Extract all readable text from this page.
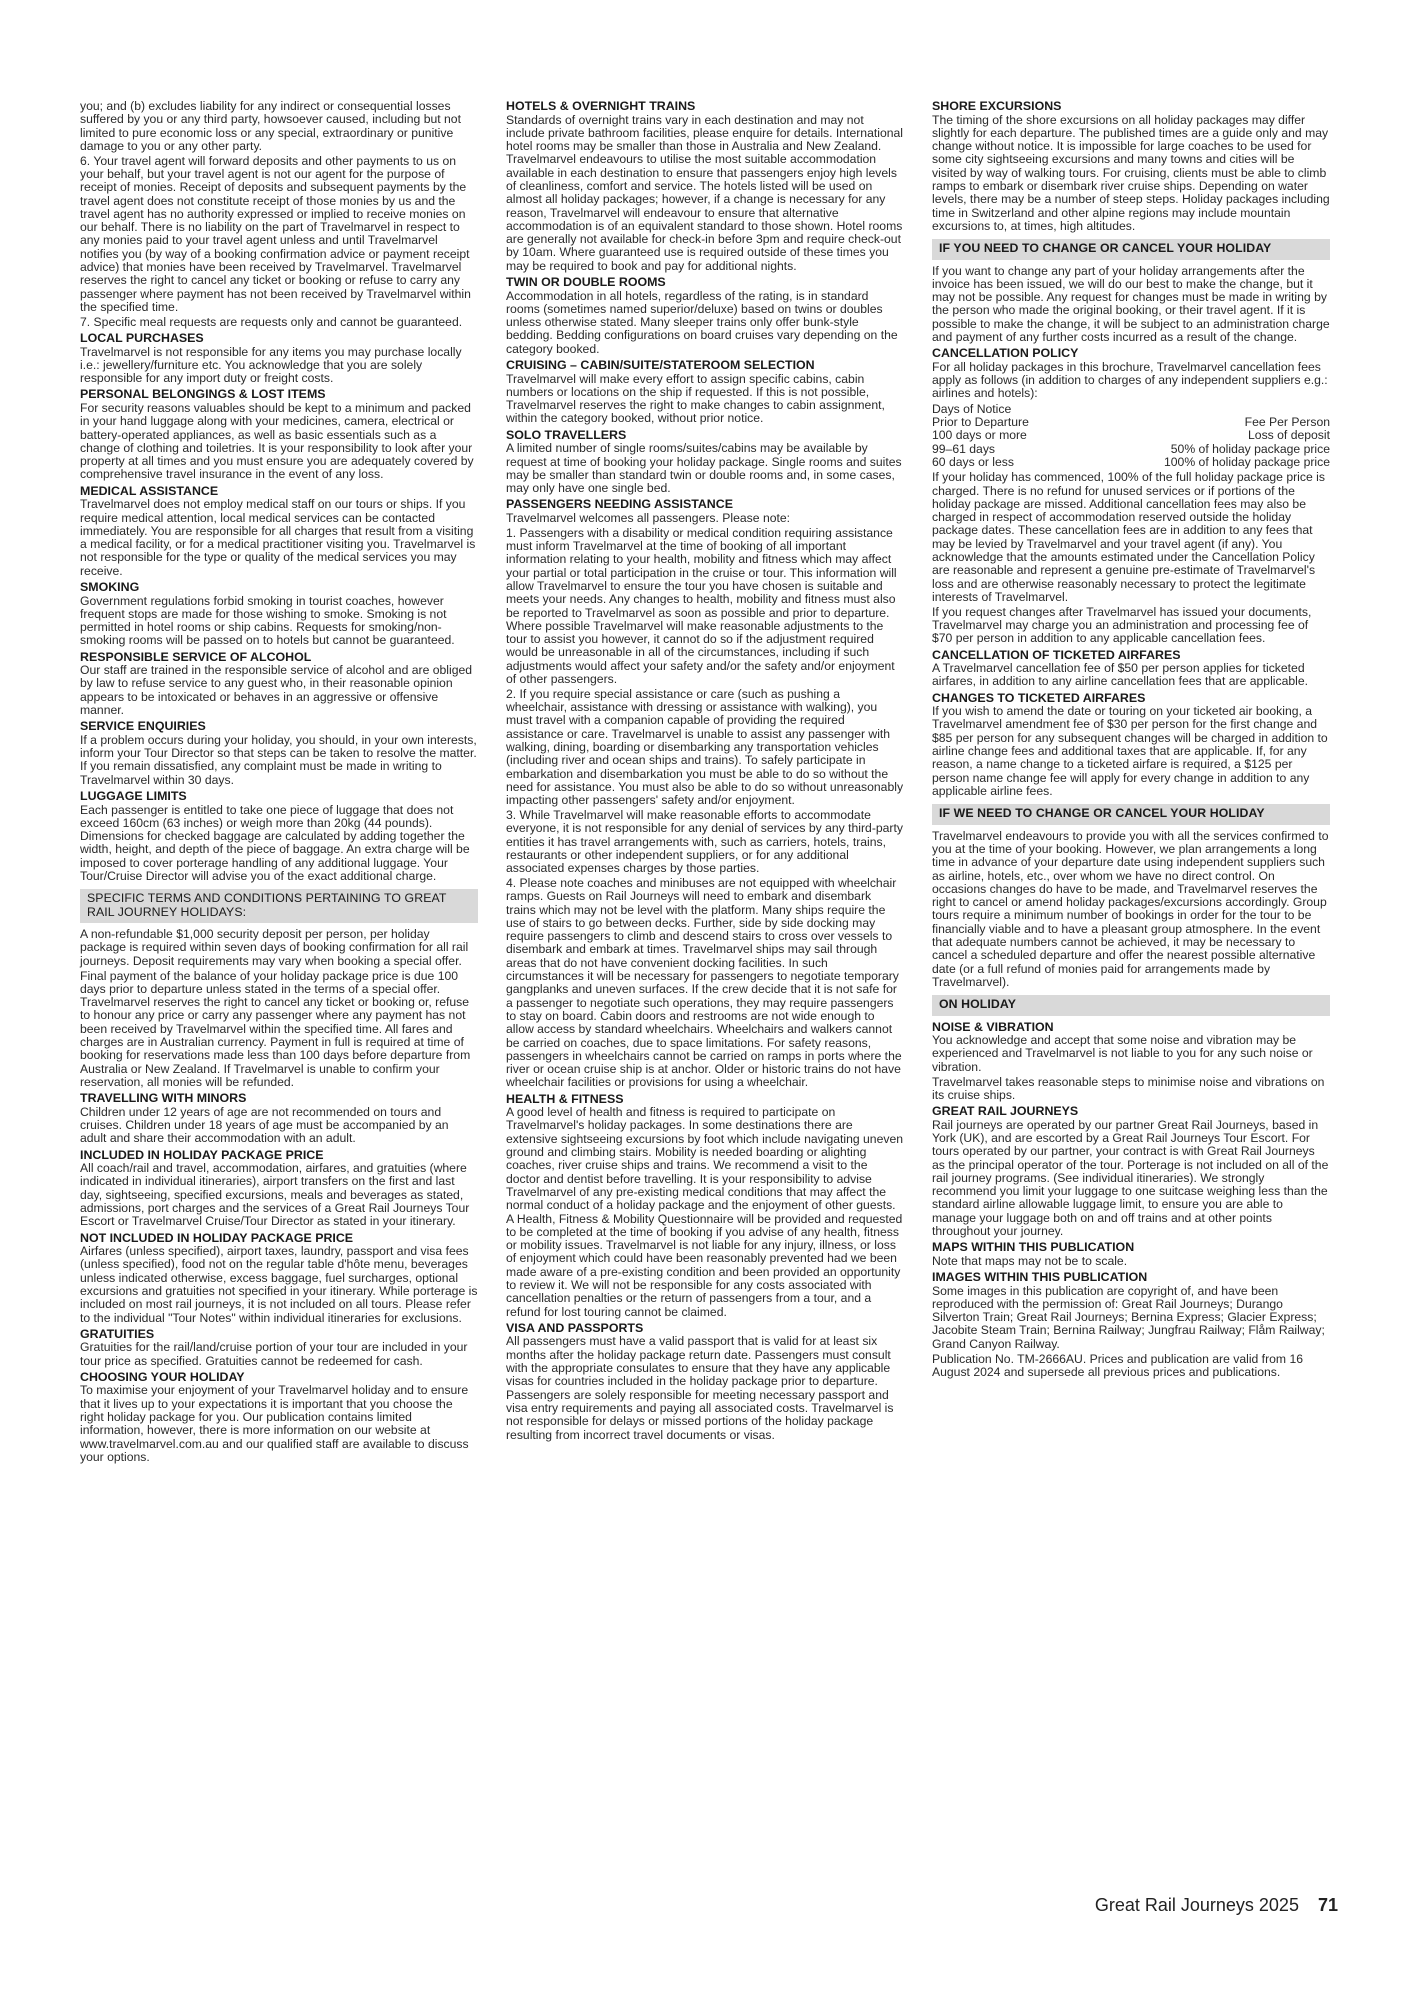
you; and (b) excludes liability for any indirect or consequential losses suffered by you or any third party, howsoever caused, including but not limited to pure economic loss or any special, extraordinary or punitive damage to you or any other party.

6. Your travel agent will forward deposits and other payments to us on your behalf, but your travel agent is not our agent for the purpose of receipt of monies. Receipt of deposits and subsequent payments by the travel agent does not constitute receipt of those monies by us and the travel agent has no authority expressed or implied to receive monies on our behalf. There is no liability on the part of Travelmarvel in respect to any monies paid to your travel agent unless and until Travelmarvel notifies you (by way of a booking confirmation advice or payment receipt advice) that monies have been received by Travelmarvel. Travelmarvel reserves the right to cancel any ticket or booking or refuse to carry any passenger where payment has not been received by Travelmarvel within the specified time.

7. Specific meal requests are requests only and cannot be guaranteed.

LOCAL PURCHASES

Travelmarvel is not responsible for any items you may purchase locally i.e.: jewellery/furniture etc. You acknowledge that you are solely responsible for any import duty or freight costs.

PERSONAL BELONGINGS & LOST ITEMS

For security reasons valuables should be kept to a minimum and packed in your hand luggage along with your medicines, camera, electrical or battery-operated appliances, as well as basic essentials such as a change of clothing and toiletries. It is your responsibility to look after your property at all times and you must ensure you are adequately covered by comprehensive travel insurance in the event of any loss.

MEDICAL ASSISTANCE

Travelmarvel does not employ medical staff on our tours or ships. If you require medical attention, local medical services can be contacted immediately. You are responsible for all charges that result from a visiting a medical facility, or for a medical practitioner visiting you. Travelmarvel is not responsible for the type or quality of the medical services you may receive.

SMOKING

Government regulations forbid smoking in tourist coaches, however frequent stops are made for those wishing to smoke. Smoking is not permitted in hotel rooms or ship cabins. Requests for smoking/non-smoking rooms will be passed on to hotels but cannot be guaranteed.

RESPONSIBLE SERVICE OF ALCOHOL

Our staff are trained in the responsible service of alcohol and are obliged by law to refuse service to any guest who, in their reasonable opinion appears to be intoxicated or behaves in an aggressive or offensive manner.

SERVICE ENQUIRIES

If a problem occurs during your holiday, you should, in your own interests, inform your Tour Director so that steps can be taken to resolve the matter. If you remain dissatisfied, any complaint must be made in writing to Travelmarvel within 30 days.

LUGGAGE LIMITS

Each passenger is entitled to take one piece of luggage that does not exceed 160cm (63 inches) or weigh more than 20kg (44 pounds). Dimensions for checked baggage are calculated by adding together the width, height, and depth of the piece of baggage. An extra charge will be imposed to cover porterage handling of any additional luggage. Your Tour/Cruise Director will advise you of the exact additional charge.

SPECIFIC TERMS AND CONDITIONS PERTAINING TO GREAT RAIL JOURNEY HOLIDAYS:

A non-refundable $1,000 security deposit per person, per holiday package is required within seven days of booking confirmation for all rail journeys. Deposit requirements may vary when booking a special offer.

Final payment of the balance of your holiday package price is due 100 days prior to departure unless stated in the terms of a special offer. Travelmarvel reserves the right to cancel any ticket or booking or, refuse to honour any price or carry any passenger where any payment has not been received by Travelmarvel within the specified time. All fares and charges are in Australian currency. Payment in full is required at time of booking for reservations made less than 100 days before departure from Australia or New Zealand. If Travelmarvel is unable to confirm your reservation, all monies will be refunded.

TRAVELLING WITH MINORS

Children under 12 years of age are not recommended on tours and cruises. Children under 18 years of age must be accompanied by an adult and share their accommodation with an adult.

INCLUDED IN HOLIDAY PACKAGE PRICE

All coach/rail and travel, accommodation, airfares, and gratuities (where indicated in individual itineraries), airport transfers on the first and last day, sightseeing, specified excursions, meals and beverages as stated, admissions, port charges and the services of a Great Rail Journeys Tour Escort or Travelmarvel Cruise/Tour Director as stated in your itinerary.

NOT INCLUDED IN HOLIDAY PACKAGE PRICE

Airfares (unless specified), airport taxes, laundry, passport and visa fees (unless specified), food not on the regular table d'hôte menu, beverages unless indicated otherwise, excess baggage, fuel surcharges, optional excursions and gratuities not specified in your itinerary. While porterage is included on most rail journeys, it is not included on all tours. Please refer to the individual "Tour Notes" within individual itineraries for exclusions.

GRATUITIES

Gratuities for the rail/land/cruise portion of your tour are included in your tour price as specified. Gratuities cannot be redeemed for cash.

CHOOSING YOUR HOLIDAY

To maximise your enjoyment of your Travelmarvel holiday and to ensure that it lives up to your expectations it is important that you choose the right holiday package for you. Our publication contains limited information, however, there is more information on our website at www.travelmarvel.com.au and our qualified staff are available to discuss your options.

HOTELS & OVERNIGHT TRAINS

Standards of overnight trains vary in each destination and may not include private bathroom facilities, please enquire for details. International hotel rooms may be smaller than those in Australia and New Zealand. Travelmarvel endeavours to utilise the most suitable accommodation available in each destination to ensure that passengers enjoy high levels of cleanliness, comfort and service. The hotels listed will be used on almost all holiday packages; however, if a change is necessary for any reason, Travelmarvel will endeavour to ensure that alternative accommodation is of an equivalent standard to those shown. Hotel rooms are generally not available for check-in before 3pm and require check-out by 10am. Where guaranteed use is required outside of these times you may be required to book and pay for additional nights.

TWIN OR DOUBLE ROOMS

Accommodation in all hotels, regardless of the rating, is in standard rooms (sometimes named superior/deluxe) based on twins or doubles unless otherwise stated. Many sleeper trains only offer bunk-style bedding. Bedding configurations on board cruises vary depending on the category booked.

CRUISING – CABIN/SUITE/STATEROOM SELECTION

Travelmarvel will make every effort to assign specific cabins, cabin numbers or locations on the ship if requested. If this is not possible, Travelmarvel reserves the right to make changes to cabin assignment, within the category booked, without prior notice.

SOLO TRAVELLERS

A limited number of single rooms/suites/cabins may be available by request at time of booking your holiday package. Single rooms and suites may be smaller than standard twin or double rooms and, in some cases, may only have one single bed.

PASSENGERS NEEDING ASSISTANCE

Travelmarvel welcomes all passengers. Please note:

1. Passengers with a disability or medical condition requiring assistance must inform Travelmarvel at the time of booking of all important information relating to your health, mobility and fitness which may affect your partial or total participation in the cruise or tour. This information will allow Travelmarvel to ensure the tour you have chosen is suitable and meets your needs. Any changes to health, mobility and fitness must also be reported to Travelmarvel as soon as possible and prior to departure. Where possible Travelmarvel will make reasonable adjustments to the tour to assist you however, it cannot do so if the adjustment required would be unreasonable in all of the circumstances, including if such adjustments would affect your safety and/or the safety and/or enjoyment of other passengers.

2. If you require special assistance or care (such as pushing a wheelchair, assistance with dressing or assistance with walking), you must travel with a companion capable of providing the required assistance or care. Travelmarvel is unable to assist any passenger with walking, dining, boarding or disembarking any transportation vehicles (including river and ocean ships and trains). To safely participate in embarkation and disembarkation you must be able to do so without the need for assistance. You must also be able to do so without unreasonably impacting other passengers' safety and/or enjoyment.

3. While Travelmarvel will make reasonable efforts to accommodate everyone, it is not responsible for any denial of services by any third-party entities it has travel arrangements with, such as carriers, hotels, trains, restaurants or other independent suppliers, or for any additional associated expenses charges by those parties.

4. Please note coaches and minibuses are not equipped with wheelchair ramps. Guests on Rail Journeys will need to embark and disembark trains which may not be level with the platform. Many ships require the use of stairs to go between decks. Further, side by side docking may require passengers to climb and descend stairs to cross over vessels to disembark and embark at times. Travelmarvel ships may sail through areas that do not have convenient docking facilities. In such circumstances it will be necessary for passengers to negotiate temporary gangplanks and uneven surfaces. If the crew decide that it is not safe for a passenger to negotiate such operations, they may require passengers to stay on board. Cabin doors and restrooms are not wide enough to allow access by standard wheelchairs. Wheelchairs and walkers cannot be carried on coaches, due to space limitations. For safety reasons, passengers in wheelchairs cannot be carried on ramps in ports where the river or ocean cruise ship is at anchor. Older or historic trains do not have wheelchair facilities or provisions for using a wheelchair.

HEALTH & FITNESS

A good level of health and fitness is required to participate on Travelmarvel's holiday packages. In some destinations there are extensive sightseeing excursions by foot which include navigating uneven ground and climbing stairs. Mobility is needed boarding or alighting coaches, river cruise ships and trains. We recommend a visit to the doctor and dentist before travelling. It is your responsibility to advise Travelmarvel of any pre-existing medical conditions that may affect the normal conduct of a holiday package and the enjoyment of other guests. A Health, Fitness & Mobility Questionnaire will be provided and requested to be completed at the time of booking if you advise of any health, fitness or mobility issues. Travelmarvel is not liable for any injury, illness, or loss of enjoyment which could have been reasonably prevented had we been made aware of a pre-existing condition and been provided an opportunity to review it. We will not be responsible for any costs associated with cancellation penalties or the return of passengers from a tour, and a refund for lost touring cannot be claimed.

VISA AND PASSPORTS

All passengers must have a valid passport that is valid for at least six months after the holiday package return date. Passengers must consult with the appropriate consulates to ensure that they have any applicable visas for countries included in the holiday package prior to departure. Passengers are solely responsible for meeting necessary passport and visa entry requirements and paying all associated costs. Travelmarvel is not responsible for delays or missed portions of the holiday package resulting from incorrect travel documents or visas.

SHORE EXCURSIONS

The timing of the shore excursions on all holiday packages may differ slightly for each departure. The published times are a guide only and may change without notice. It is impossible for large coaches to be used for some city sightseeing excursions and many towns and cities will be visited by way of walking tours. For cruising, clients must be able to climb ramps to embark or disembark river cruise ships. Depending on water levels, there may be a number of steep steps. Holiday packages including time in Switzerland and other alpine regions may include mountain excursions to, at times, high altitudes.

IF YOU NEED TO CHANGE OR CANCEL YOUR HOLIDAY

If you want to change any part of your holiday arrangements after the invoice has been issued, we will do our best to make the change, but it may not be possible. Any request for changes must be made in writing by the person who made the original booking, or their travel agent. If it is possible to make the change, it will be subject to an administration charge and payment of any further costs incurred as a result of the change.

CANCELLATION POLICY

For all holiday packages in this brochure, Travelmarvel cancellation fees apply as follows (in addition to charges of any independent suppliers e.g.: airlines and hotels):

Days of Notice
Prior to Departure	Fee Per Person
100 days or more	Loss of deposit
99–61 days	50% of holiday package price
60 days or less	100% of holiday package price

If your holiday has commenced, 100% of the full holiday package price is charged. There is no refund for unused services or if portions of the holiday package are missed. Additional cancellation fees may also be charged in respect of accommodation reserved outside the holiday package dates. These cancellation fees are in addition to any fees that may be levied by Travelmarvel and your travel agent (if any). You acknowledge that the amounts estimated under the Cancellation Policy are reasonable and represent a genuine pre-estimate of Travelmarvel's loss and are otherwise reasonably necessary to protect the legitimate interests of Travelmarvel.

If you request changes after Travelmarvel has issued your documents, Travelmarvel may charge you an administration and processing fee of $70 per person in addition to any applicable cancellation fees.

CANCELLATION OF TICKETED AIRFARES

A Travelmarvel cancellation fee of $50 per person applies for ticketed airfares, in addition to any airline cancellation fees that are applicable.

CHANGES TO TICKETED AIRFARES

If you wish to amend the date or touring on your ticketed air booking, a Travelmarvel amendment fee of $30 per person for the first change and $85 per person for any subsequent changes will be charged in addition to airline change fees and additional taxes that are applicable. If, for any reason, a name change to a ticketed airfare is required, a $125 per person name change fee will apply for every change in addition to any applicable airline fees.

IF WE NEED TO CHANGE OR CANCEL YOUR HOLIDAY

Travelmarvel endeavours to provide you with all the services confirmed to you at the time of your booking. However, we plan arrangements a long time in advance of your departure date using independent suppliers such as airline, hotels, etc., over whom we have no direct control. On occasions changes do have to be made, and Travelmarvel reserves the right to cancel or amend holiday packages/excursions accordingly. Group tours require a minimum number of bookings in order for the tour to be financially viable and to have a pleasant group atmosphere. In the event that adequate numbers cannot be achieved, it may be necessary to cancel a scheduled departure and offer the nearest possible alternative date (or a full refund of monies paid for arrangements made by Travelmarvel).

ON HOLIDAY
NOISE & VIBRATION

You acknowledge and accept that some noise and vibration may be experienced and Travelmarvel is not liable to you for any such noise or vibration.

Travelmarvel takes reasonable steps to minimise noise and vibrations on its cruise ships.

GREAT RAIL JOURNEYS

Rail journeys are operated by our partner Great Rail Journeys, based in York (UK), and are escorted by a Great Rail Journeys Tour Escort. For tours operated by our partner, your contract is with Great Rail Journeys as the principal operator of the tour. Porterage is not included on all of the rail journey programs. (See individual itineraries). We strongly recommend you limit your luggage to one suitcase weighing less than the standard airline allowable luggage limit, to ensure you are able to manage your luggage both on and off trains and at other points throughout your journey.

MAPS WITHIN THIS PUBLICATION

Note that maps may not be to scale.

IMAGES WITHIN THIS PUBLICATION

Some images in this publication are copyright of, and have been reproduced with the permission of: Great Rail Journeys; Durango Silverton Train; Great Rail Journeys; Bernina Express; Glacier Express; Jacobite Steam Train; Bernina Railway; Jungfrau Railway; Flåm Railway; Grand Canyon Railway.

Publication No. TM-2666AU. Prices and publication are valid from 16 August 2024 and supersede all previous prices and publications.

Great Rail Journeys 2025 71
